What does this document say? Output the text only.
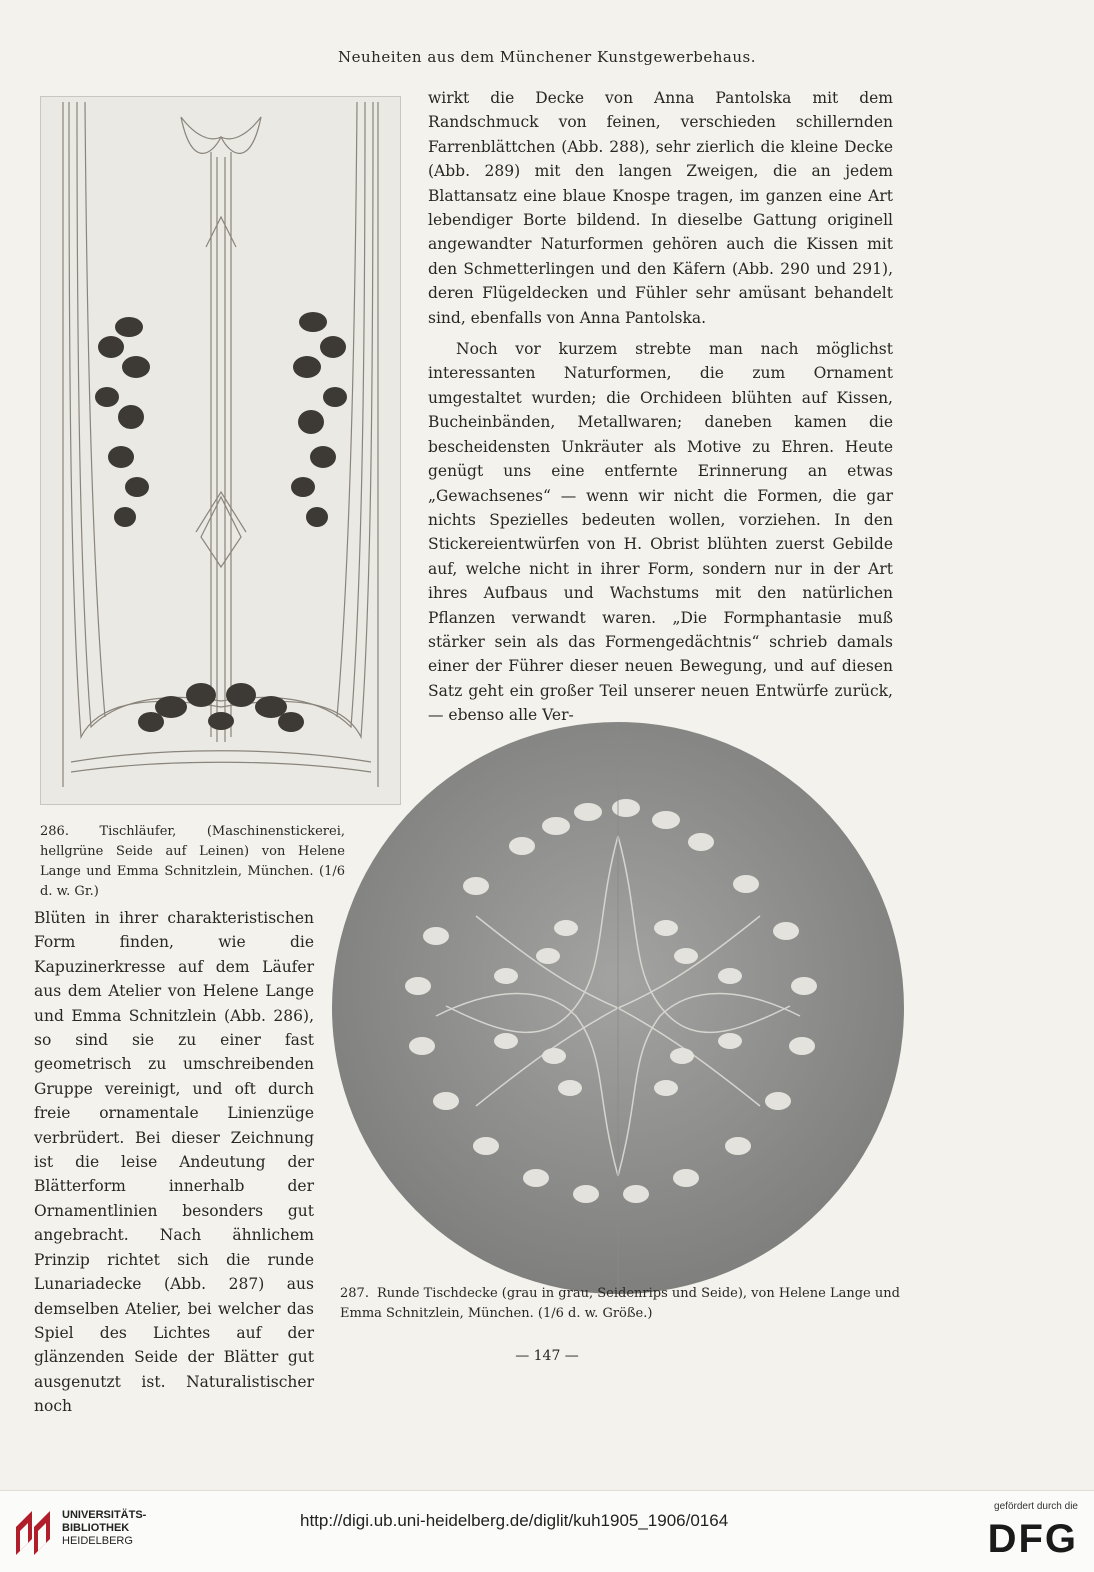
Neuheiten aus dem Münchener Kunstgewerbehaus.
286. Tischläufer, (Maschinenstickerei, hellgrüne Seide auf Leinen) von Helene Lange und Emma Schnitzlein, München. (1/6 d. w. Gr.)

wirkt die Decke von Anna Pantolska mit dem Randschmuck von feinen, verschieden schillernden Farrenblättchen (Abb. 288), sehr zierlich die kleine Decke (Abb. 289) mit den langen Zweigen, die an jedem Blattansatz eine blaue Knospe tragen, im ganzen eine Art lebendiger Borte bildend. In dieselbe Gattung originell angewandter Naturformen gehören auch die Kissen mit den Schmetterlingen und den Käfern (Abb. 290 und 291), deren Flügeldecken und Fühler sehr amüsant behandelt sind, ebenfalls von Anna Pantolska.

Noch vor kurzem strebte man nach möglichst interessanten Naturformen, die zum Ornament umgestaltet wurden; die Orchideen blühten auf Kissen, Bucheinbänden, Metallwaren; daneben kamen die bescheidensten Unkräuter als Motive zu Ehren. Heute genügt uns eine entfernte Erinnerung an etwas „Gewachsenes“ — wenn wir nicht die Formen, die gar nichts Spezielles bedeuten wollen, vorziehen. In den Stickereientwürfen von H. Obrist blühten zuerst Gebilde auf, welche nicht in ihrer Form, sondern nur in der Art ihres Aufbaus und Wachstums mit den natürlichen Pflanzen verwandt waren. „Die Formphantasie muß stärker sein als das Formengedächtnis“ schrieb damals einer der Führer dieser neuen Bewegung, und auf diesen Satz geht ein großer Teil unserer neuen Entwürfe zurück, — ebenso alle Ver-

Blüten in ihrer charakteristischen Form finden, wie die Kapuzinerkresse auf dem Läufer aus dem Atelier von Helene Lange und Emma Schnitzlein (Abb. 286), so sind sie zu einer fast geometrisch zu umschreibenden Gruppe vereinigt, und oft durch freie ornamentale Linienzüge verbrüdert. Bei dieser Zeichnung ist die leise Andeutung der Blätterform innerhalb der Ornamentlinien besonders gut angebracht. Nach ähnlichem Prinzip richtet sich die runde Lunariadecke (Abb. 287) aus demselben Atelier, bei welcher das Spiel des Lichtes auf der glänzenden Seide der Blätter gut ausgenutzt ist. Naturalistischer noch

287. Runde Tischdecke (grau in grau, Seidenrips und Seide), von Helene Lange und Emma Schnitzlein, München. (1/6 d. w. Größe.)
— 147 —
UNIVERSITÄTS-
BIBLIOTHEK
HEIDELBERG
http://digi.ub.uni-heidelberg.de/diglit/kuh1905_1906/0164
gefördert durch die
DFG
